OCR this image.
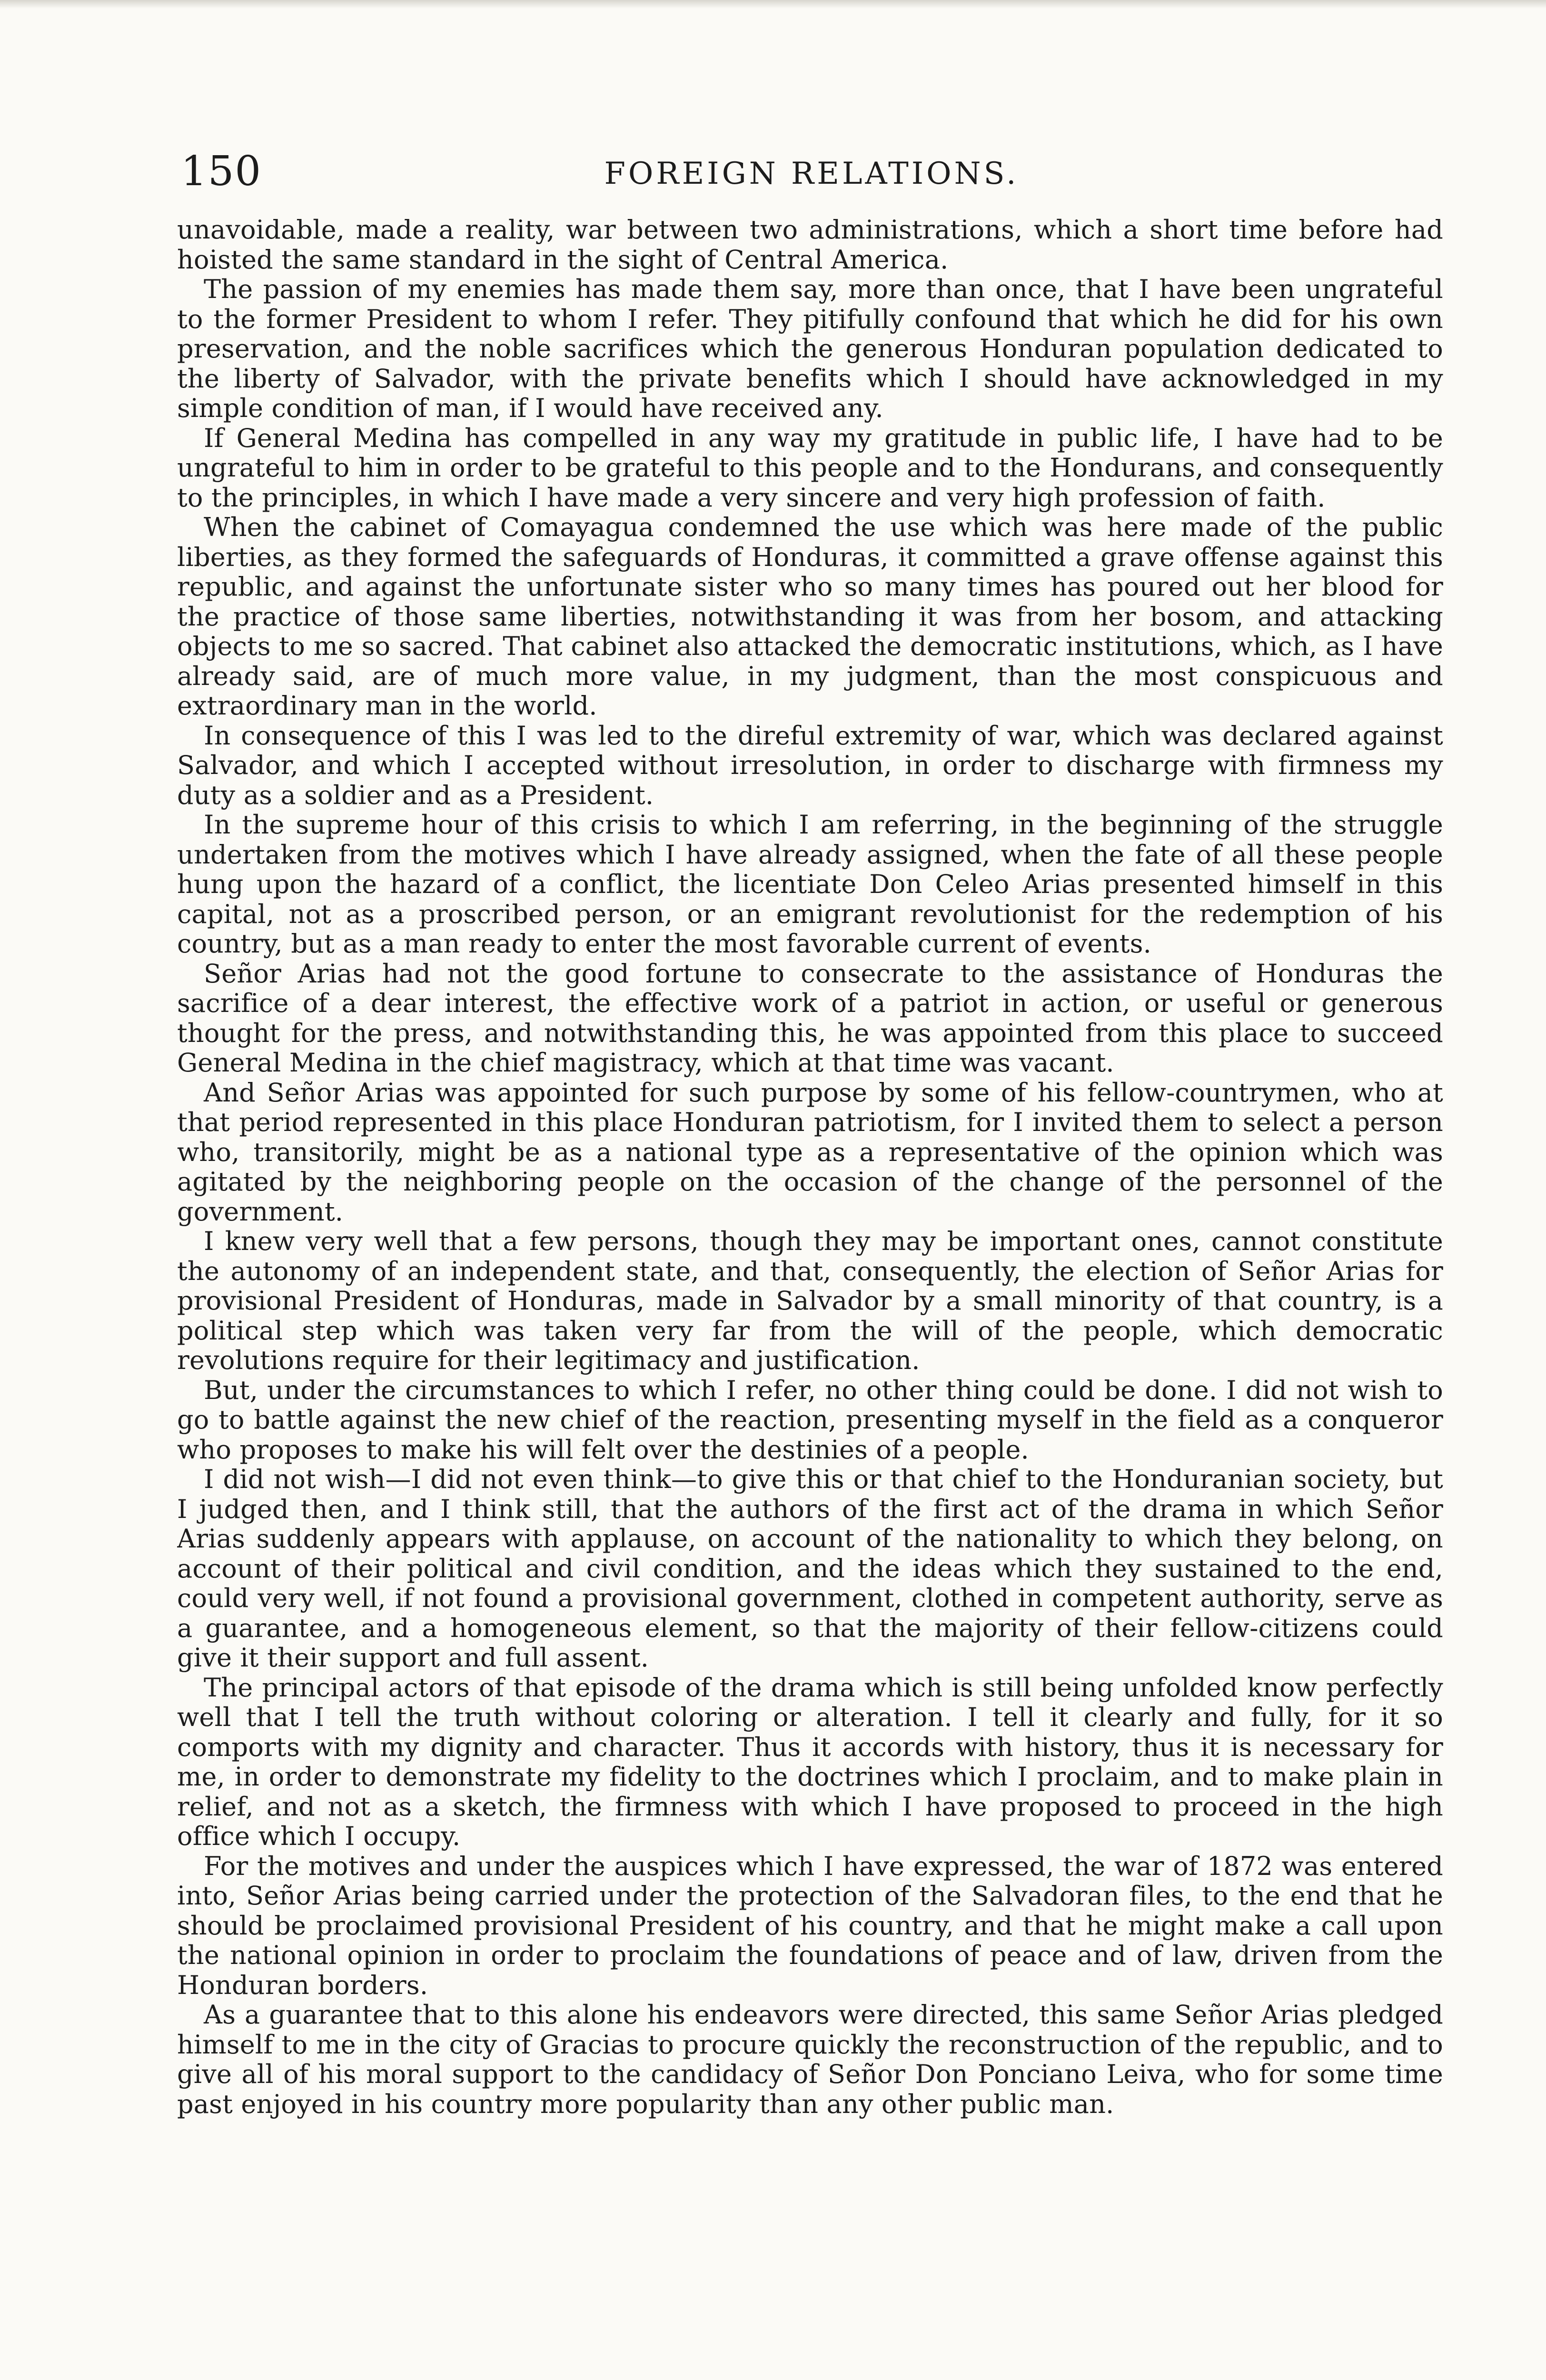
150	FOREIGN RELATIONS.

unavoidable, made a reality, war between two administrations, which a short time before had hoisted the same standard in the sight of Central America.

The passion of my enemies has made them say, more than once, that I have been ungrateful to the former President to whom I refer. They pitifully confound that which he did for his own preservation, and the noble sacrifices which the generous Honduran population dedicated to the liberty of Salvador, with the private benefits which I should have acknowledged in my simple condition of man, if I would have received any.

If General Medina has compelled in any way my gratitude in public life, I have had to be ungrateful to him in order to be grateful to this people and to the Hondurans, and consequently to the principles, in which I have made a very sincere and very high profession of faith.

When the cabinet of Comayagua condemned the use which was here made of the public liberties, as they formed the safeguards of Honduras, it committed a grave offense against this republic, and against the unfortunate sister who so many times has poured out her blood for the practice of those same liberties, notwithstanding it was from her bosom, and attacking objects to me so sacred. That cabinet also attacked the democratic institutions, which, as I have already said, are of much more value, in my judgment, than the most conspicuous and extraordinary man in the world.

In consequence of this I was led to the direful extremity of war, which was declared against Salvador, and which I accepted without irresolution, in order to discharge with firmness my duty as a soldier and as a President.

In the supreme hour of this crisis to which I am referring, in the beginning of the struggle undertaken from the motives which I have already assigned, when the fate of all these people hung upon the hazard of a conflict, the licentiate Don Celeo Arias presented himself in this capital, not as a proscribed person, or an emigrant revolutionist for the redemption of his country, but as a man ready to enter the most favorable current of events.

Señor Arias had not the good fortune to consecrate to the assistance of Honduras the sacrifice of a dear interest, the effective work of a patriot in action, or useful or generous thought for the press, and notwithstanding this, he was appointed from this place to succeed General Medina in the chief magistracy, which at that time was vacant.

And Señor Arias was appointed for such purpose by some of his fellow-countrymen, who at that period represented in this place Honduran patriotism, for I invited them to select a person who, transitorily, might be as a national type as a representative of the opinion which was agitated by the neighboring people on the occasion of the change of the personnel of the government.

I knew very well that a few persons, though they may be important ones, cannot constitute the autonomy of an independent state, and that, consequently, the election of Señor Arias for provisional President of Honduras, made in Salvador by a small minority of that country, is a political step which was taken very far from the will of the people, which democratic revolutions require for their legitimacy and justification.

But, under the circumstances to which I refer, no other thing could be done. I did not wish to go to battle against the new chief of the reaction, presenting myself in the field as a conqueror who proposes to make his will felt over the destinies of a people.

I did not wish—I did not even think—to give this or that chief to the Honduranian society, but I judged then, and I think still, that the authors of the first act of the drama in which Señor Arias suddenly appears with applause, on account of the nationality to which they belong, on account of their political and civil condition, and the ideas which they sustained to the end, could very well, if not found a provisional government, clothed in competent authority, serve as a guarantee, and a homogeneous element, so that the majority of their fellow-citizens could give it their support and full assent.

The principal actors of that episode of the drama which is still being unfolded know perfectly well that I tell the truth without coloring or alteration. I tell it clearly and fully, for it so comports with my dignity and character. Thus it accords with history, thus it is necessary for me, in order to demonstrate my fidelity to the doctrines which I proclaim, and to make plain in relief, and not as a sketch, the firmness with which I have proposed to proceed in the high office which I occupy.

For the motives and under the auspices which I have expressed, the war of 1872 was entered into, Señor Arias being carried under the protection of the Salvadoran files, to the end that he should be proclaimed provisional President of his country, and that he might make a call upon the national opinion in order to proclaim the foundations of peace and of law, driven from the Honduran borders.

As a guarantee that to this alone his endeavors were directed, this same Señor Arias pledged himself to me in the city of Gracias to procure quickly the reconstruction of the republic, and to give all of his moral support to the candidacy of Señor Don Ponciano Leiva, who for some time past enjoyed in his country more popularity than any other public man.
